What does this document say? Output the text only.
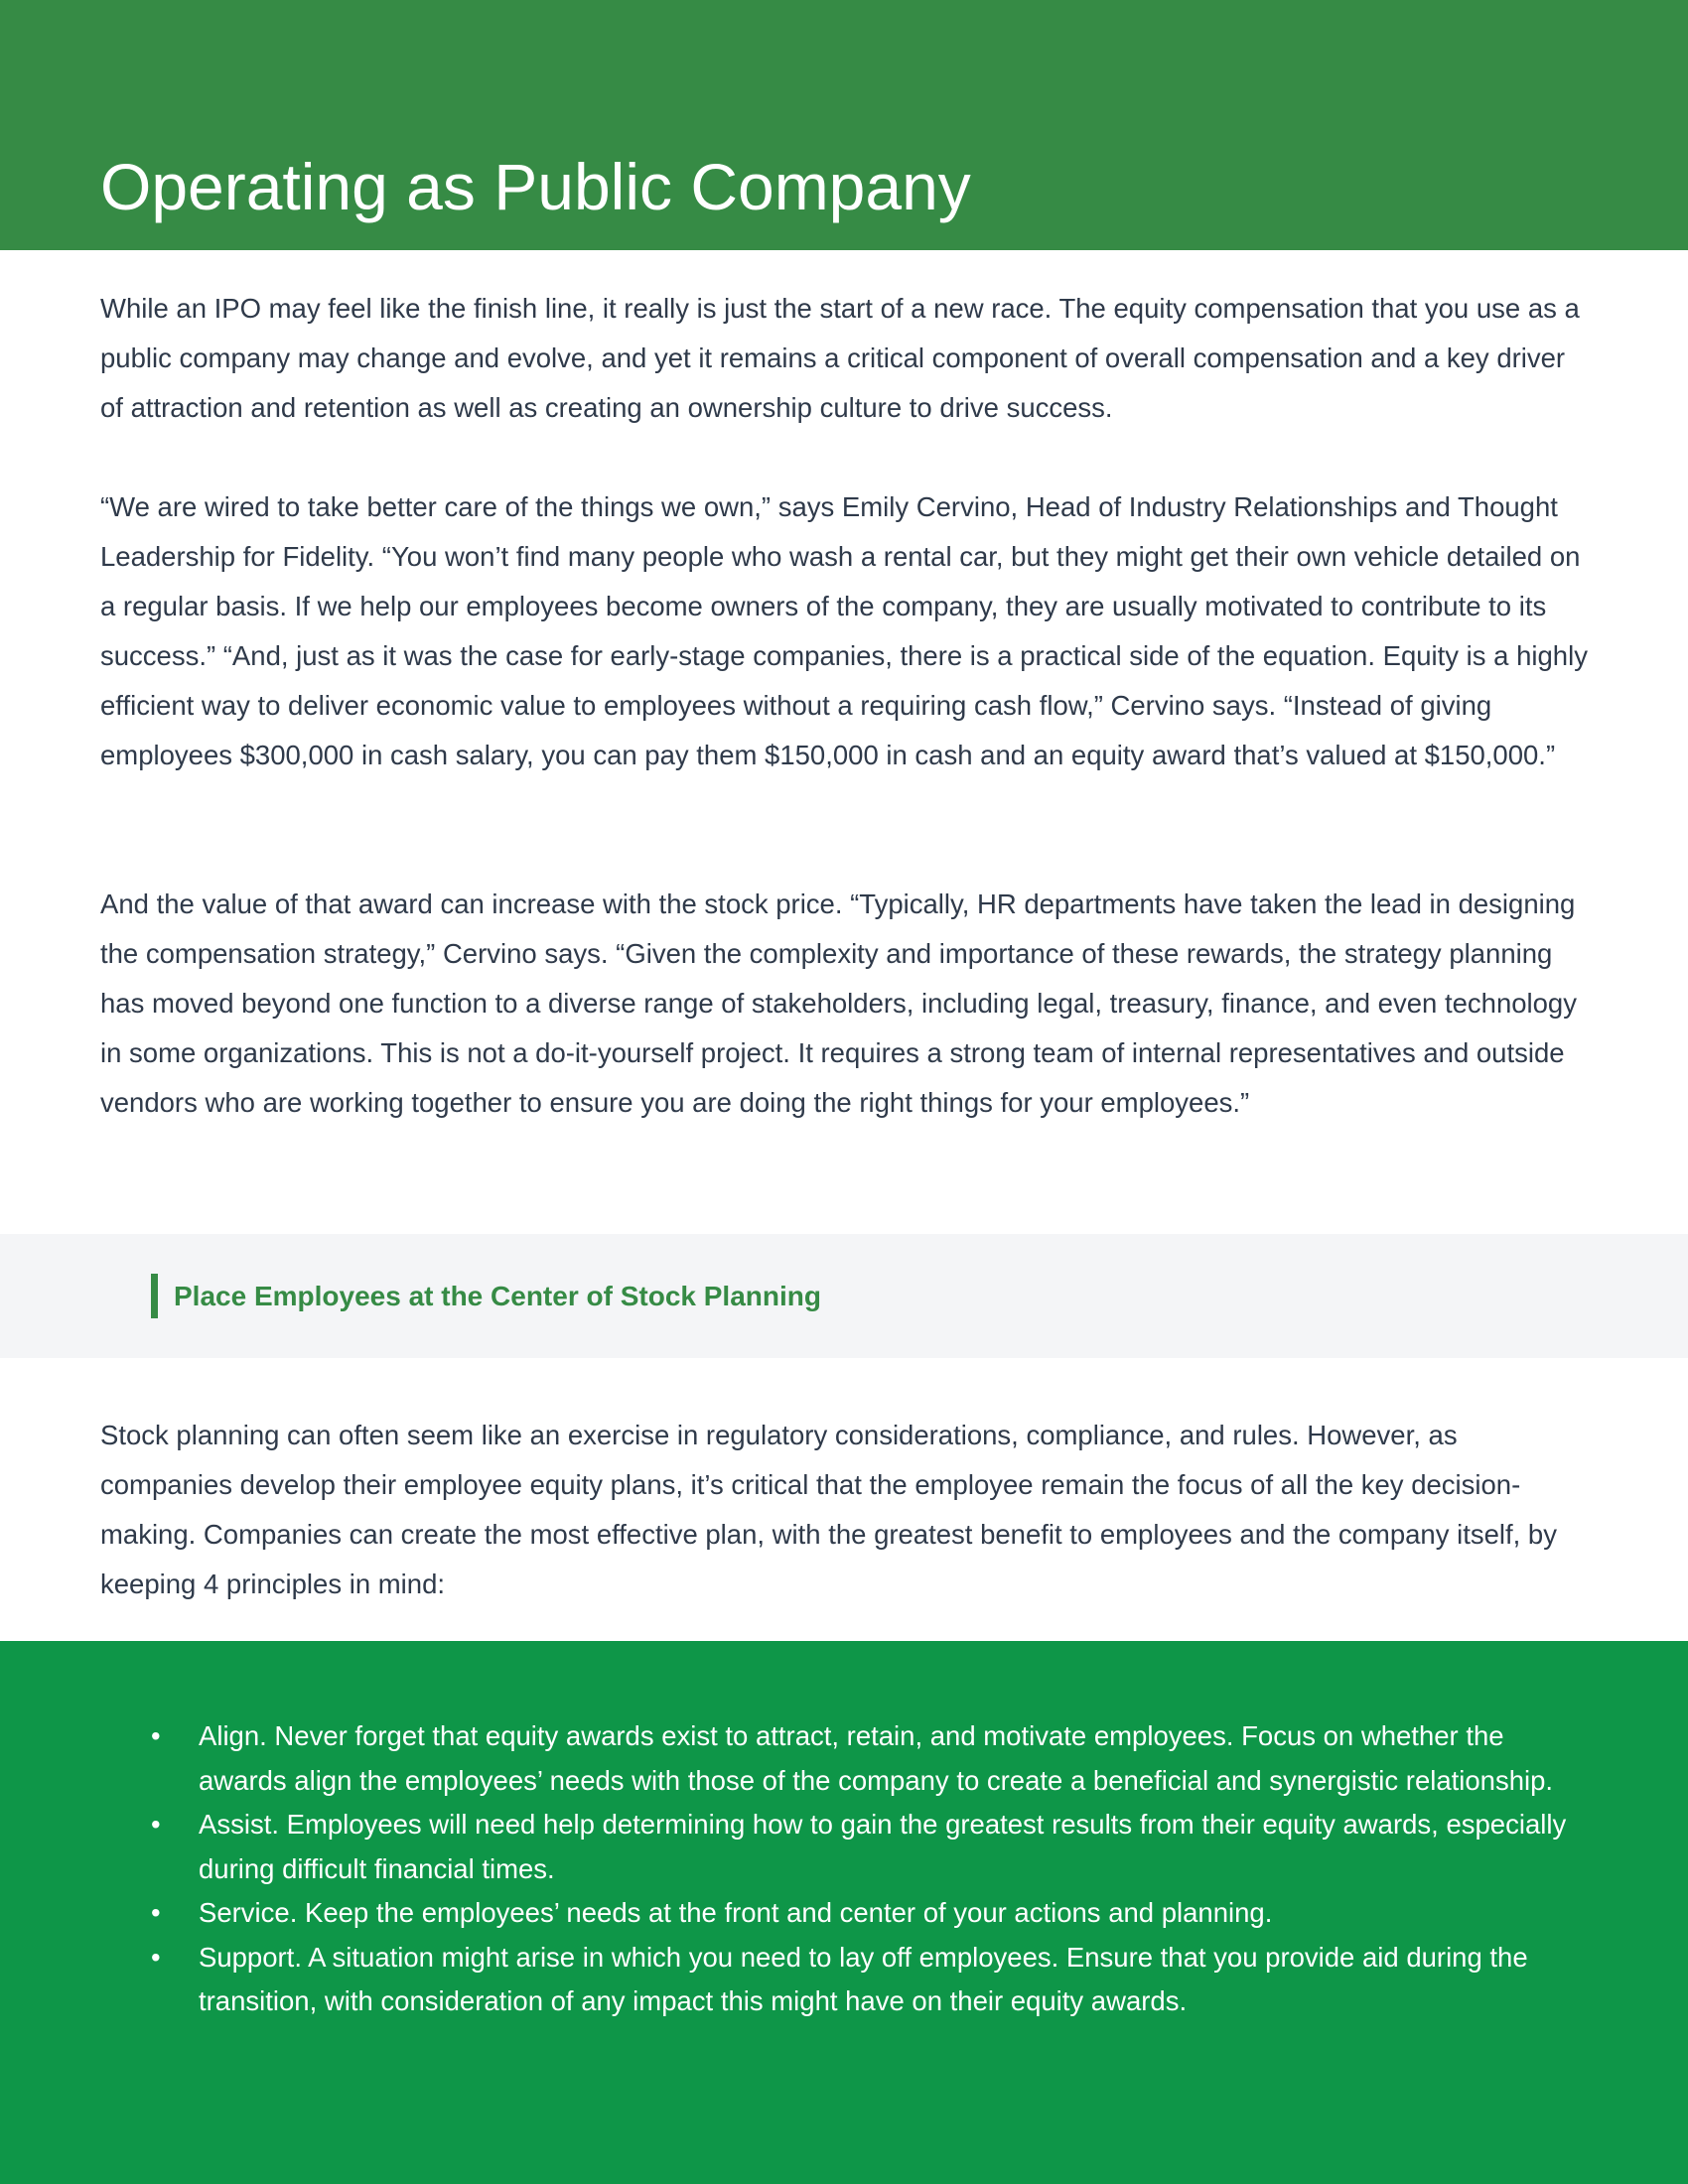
Operating as Public Company

While an IPO may feel like the finish line, it really is just the start of a new race. The equity compensation that you use as a public company may change and evolve, and yet it remains a critical component of overall compensation and a key driver of attraction and retention as well as creating an ownership culture to drive success.

“We are wired to take better care of the things we own,” says Emily Cervino, Head of Industry Relationships and Thought Leadership for Fidelity. “You won’t find many people who wash a rental car, but they might get their own vehicle detailed on a regular basis. If we help our employees become owners of the company, they are usually motivated to contribute to its success.” “And, just as it was the case for early-stage companies, there is a practical side of the equation. Equity is a highly efficient way to deliver economic value to employees without a requiring cash flow,” Cervino says. “Instead of giving employees $300,000 in cash salary, you can pay them $150,000 in cash and an equity award that’s valued at $150,000.”

And the value of that award can increase with the stock price. “Typically, HR departments have taken the lead in designing the compensation strategy,” Cervino says. “Given the complexity and importance of these rewards, the strategy planning has moved beyond one function to a diverse range of stakeholders, including legal, treasury, finance, and even technology in some organizations. This is not a do-it-yourself project. It requires a strong team of internal representatives and outside vendors who are working together to ensure you are doing the right things for your employees.”

Place Employees at the Center of Stock Planning

Stock planning can often seem like an exercise in regulatory considerations, compliance, and rules. However, as companies develop their employee equity plans, it’s critical that the employee remain the focus of all the key decision-making. Companies can create the most effective plan, with the greatest benefit to employees and the company itself, by keeping 4 principles in mind:

• Align. Never forget that equity awards exist to attract, retain, and motivate employees. Focus on whether the awards align the employees’ needs with those of the company to create a beneficial and synergistic relationship.
• Assist. Employees will need help determining how to gain the greatest results from their equity awards, especially during difficult financial times.
• Service. Keep the employees’ needs at the front and center of your actions and planning.
• Support. A situation might arise in which you need to lay off employees. Ensure that you provide aid during the transition, with consideration of any impact this might have on their equity awards.
